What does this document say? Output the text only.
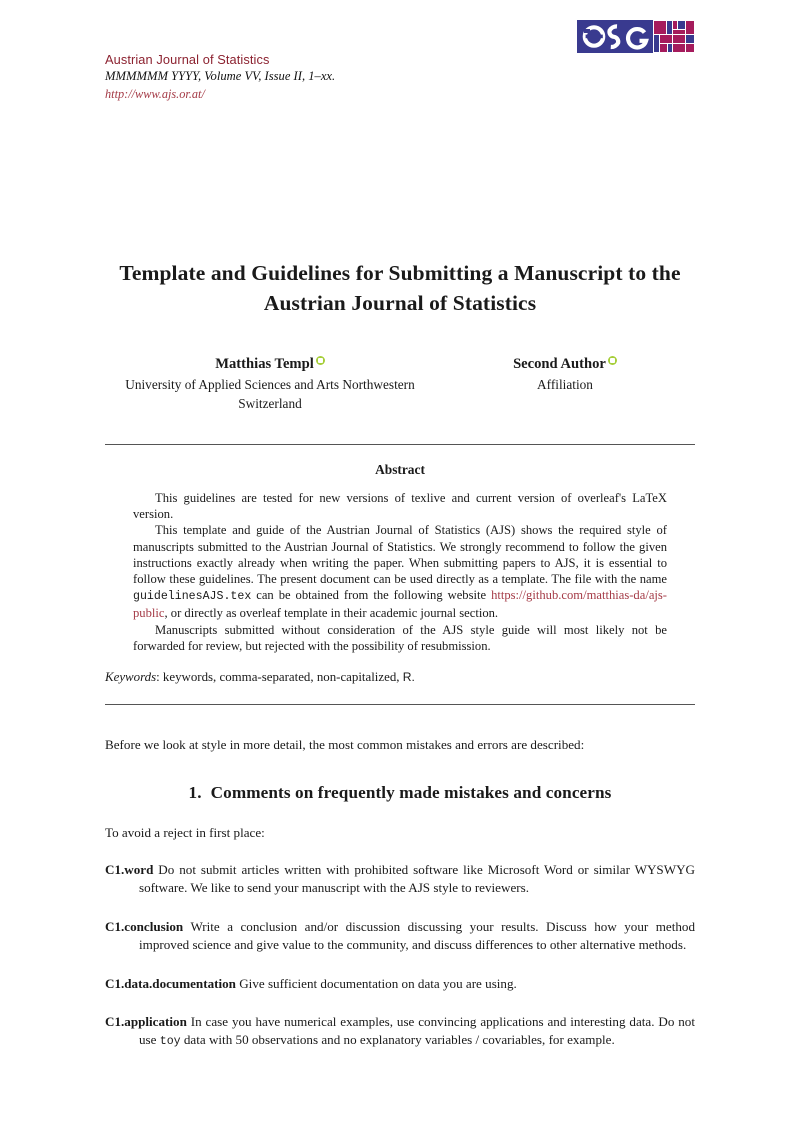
Austrian Journal of Statistics
MMMMMM YYYY, Volume VV, Issue II, 1–xx.
http://www.ajs.or.at/
Template and Guidelines for Submitting a Manuscript to the Austrian Journal of Statistics
Matthias Templ
University of Applied Sciences and Arts Northwestern Switzerland
Second Author
Affiliation
Abstract

This guidelines are tested for new versions of texlive and current version of overleaf's LaTeX version.

This template and guide of the Austrian Journal of Statistics (AJS) shows the required style of manuscripts submitted to the Austrian Journal of Statistics. We strongly recommend to follow the given instructions exactly already when writing the paper. When submitting papers to AJS, it is essential to follow these guidelines. The present document can be used directly as a template. The file with the name guidelinesAJS.tex can be obtained from the following website https://github.com/matthias-da/ajs-public, or directly as overleaf template in their academic journal section.

Manuscripts submitted without consideration of the AJS style guide will most likely not be forwarded for review, but rejected with the possibility of resubmission.

Keywords: keywords, comma-separated, non-capitalized, R.
Before we look at style in more detail, the most common mistakes and errors are described:
1. Comments on frequently made mistakes and concerns
To avoid a reject in first place:
C1.word Do not submit articles written with prohibited software like Microsoft Word or similar WYSWYG software. We like to send your manuscript with the AJS style to reviewers.
C1.conclusion Write a conclusion and/or discussion discussing your results. Discuss how your method improved science and give value to the community, and discuss differences to other alternative methods.
C1.data.documentation Give sufficient documentation on data you are using.
C1.application In case you have numerical examples, use convincing applications and interesting data. Do not use toy data with 50 observations and no explanatory variables / covariables, for example.
